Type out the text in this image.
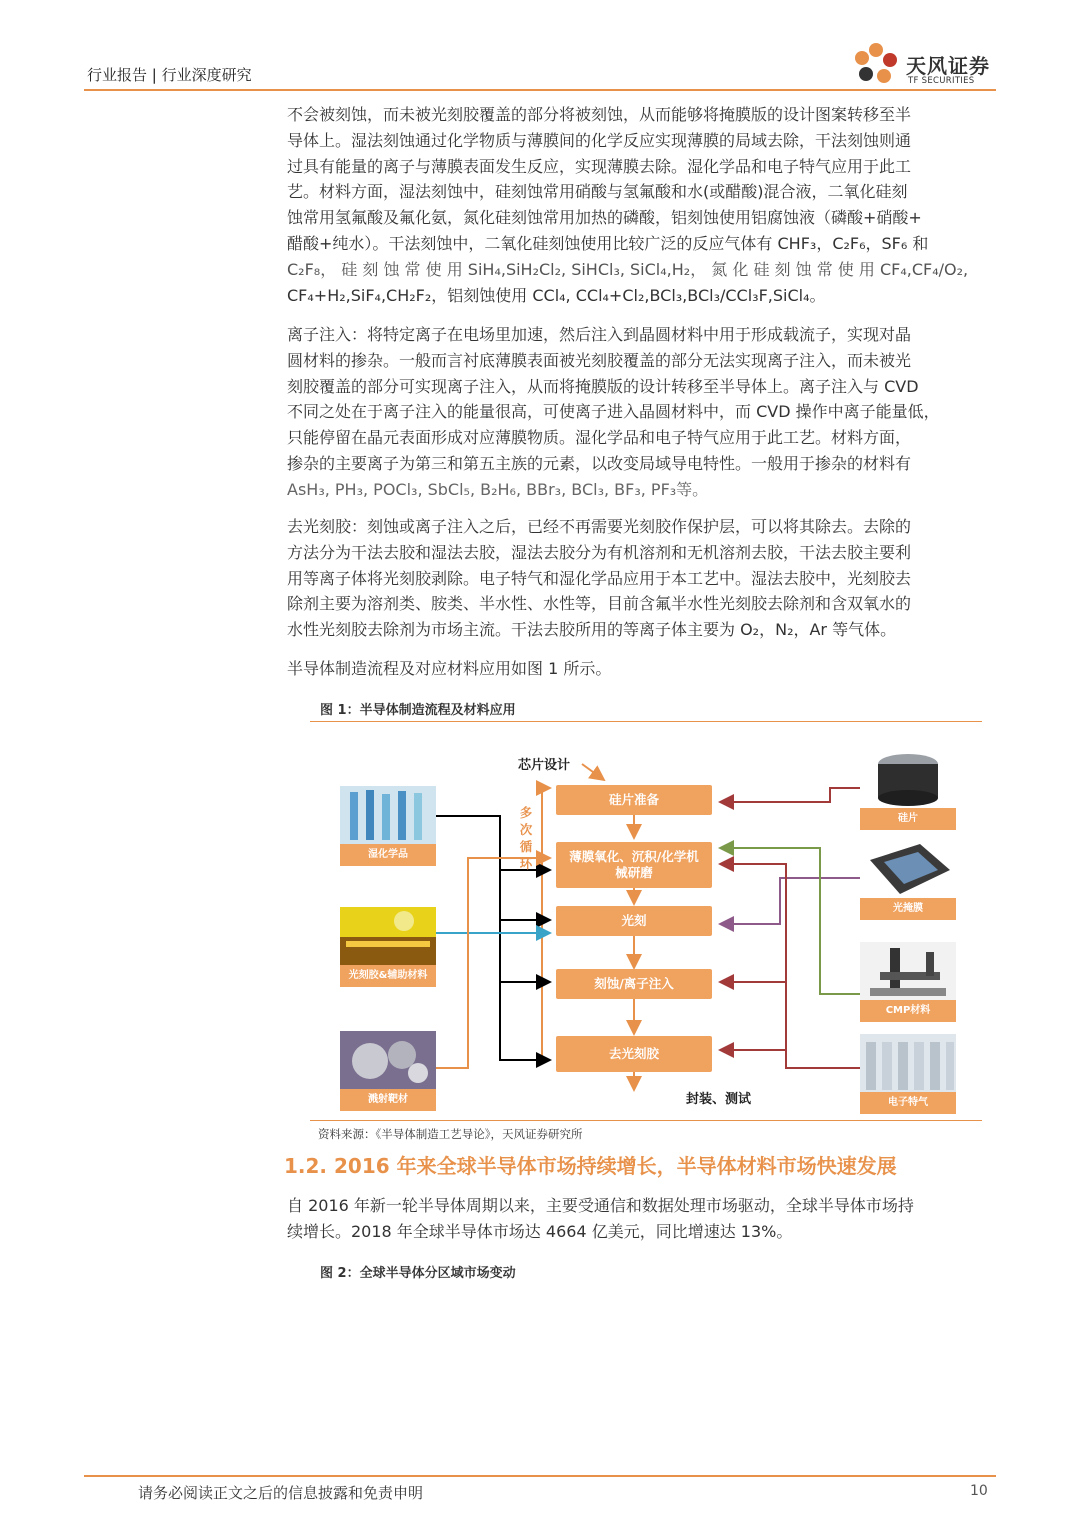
行业报告 | 行业深度研究	天风证券
TF SECURITIES
不会被刻蚀，而未被光刻胶覆盖的部分将被刻蚀，从而能够将掩膜版的设计图案转移至半
导体上。湿法刻蚀通过化学物质与薄膜间的化学反应实现薄膜的局域去除，干法刻蚀则通
过具有能量的离子与薄膜表面发生反应，实现薄膜去除。湿化学品和电子特气应用于此工
艺。材料方面，湿法刻蚀中，硅刻蚀常用硝酸与氢氟酸和水(或醋酸)混合液，二氧化硅刻
蚀常用氢氟酸及氟化氨，氮化硅刻蚀常用加热的磷酸，铝刻蚀使用铝腐蚀液（磷酸+硝酸+
醋酸+纯水）。干法刻蚀中，二氧化硅刻蚀使用比较广泛的反应气体有 CHF₃，C₂F₆，SF₆ 和
C₂F₈， 硅 刻 蚀 常 使 用 SiH₄,SiH₂Cl₂, SiHCl₃, SiCl₄,H₂， 氮 化 硅 刻 蚀 常 使 用 CF₄,CF₄/O₂,
CF₄+H₂,SiF₄,CH₂F₂，铝刻蚀使用 CCl₄, CCl₄+Cl₂,BCl₃,BCl₃/CCl₃F,SiCl₄。
离子注入：将特定离子在电场里加速，然后注入到晶圆材料中用于形成载流子，实现对晶
圆材料的掺杂。一般而言衬底薄膜表面被光刻胶覆盖的部分无法实现离子注入，而未被光
刻胶覆盖的部分可实现离子注入，从而将掩膜版的设计转移至半导体上。离子注入与 CVD
不同之处在于离子注入的能量很高，可使离子进入晶圆材料中，而 CVD 操作中离子能量低，
只能停留在晶元表面形成对应薄膜物质。湿化学品和电子特气应用于此工艺。材料方面，
掺杂的主要离子为第三和第五主族的元素，以改变局域导电特性。一般用于掺杂的材料有
AsH₃, PH₃, POCl₃, SbCl₅, B₂H₆, BBr₃, BCl₃, BF₃, PF₃等。
去光刻胶：刻蚀或离子注入之后，已经不再需要光刻胶作保护层，可以将其除去。去除的
方法分为干法去胶和湿法去胶，湿法去胶分为有机溶剂和无机溶剂去胶，干法去胶主要利
用等离子体将光刻胶剥除。电子特气和湿化学品应用于本工艺中。湿法去胶中，光刻胶去
除剂主要为溶剂类、胺类、半水性、水性等，目前含氟半水性光刻胶去除剂和含双氧水的
水性光刻胶去除剂为市场主流。干法去胶所用的等离子体主要为 O₂，N₂，Ar 等气体。
半导体制造流程及对应材料应用如图 1 所示。
图 1：半导体制造流程及材料应用
芯片设计
多次循环
硅片准备
薄膜氧化、沉积/化学机械研磨
光刻
刻蚀/离子注入
去光刻胶
封装、测试
湿化学品
光刻胶&辅助材料
溅射靶材
硅片
光掩膜
CMP材料
电子特气
资料来源：《半导体制造工艺导论》，天风证券研究所
1.2. 2016 年来全球半导体市场持续增长，半导体材料市场快速发展
自 2016 年新一轮半导体周期以来，主要受通信和数据处理市场驱动，全球半导体市场持
续增长。2018 年全球半导体市场达 4664 亿美元，同比增速达 13%。
图 2：全球半导体分区域市场变动
请务必阅读正文之后的信息披露和免责申明	10
